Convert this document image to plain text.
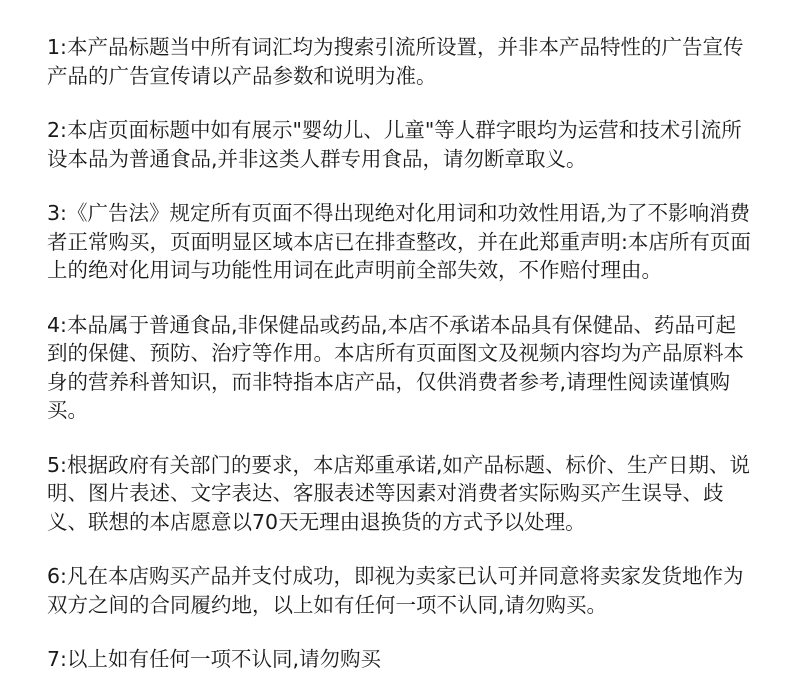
1:本产品标题当中所有词汇均为搜索引流所设置，并非本产品特性的广告宣传产品的广告宣传请以产品参数和说明为准。

2:本店页面标题中如有展示"婴幼儿、儿童"等人群字眼均为运营和技术引流所设本品为普通食品,并非这类人群专用食品，请勿断章取义。

3:《广告法》规定所有页面不得出现绝对化用词和功效性用语,为了不影响消费者正常购买，页面明显区域本店已在排查整改，并在此郑重声明:本店所有页面上的绝对化用词与功能性用词在此声明前全部失效，不作赔付理由。

4:本品属于普通食品,非保健品或药品,本店不承诺本品具有保健品、药品可起到的保健、预防、治疗等作用。本店所有页面图文及视频内容均为产品原料本身的营养科普知识，而非特指本店产品，仅供消费者参考,请理性阅读谨慎购买。

5:根据政府有关部门的要求，本店郑重承诺,如产品标题、标价、生产日期、说明、图片表述、文字表达、客服表述等因素对消费者实际购买产生误导、歧义、联想的本店愿意以70天无理由退换货的方式予以处理。

6:凡在本店购买产品并支付成功，即视为卖家已认可并同意将卖家发货地作为双方之间的合同履约地，以上如有任何一项不认同,请勿购买。

7:以上如有任何一项不认同,请勿购买
